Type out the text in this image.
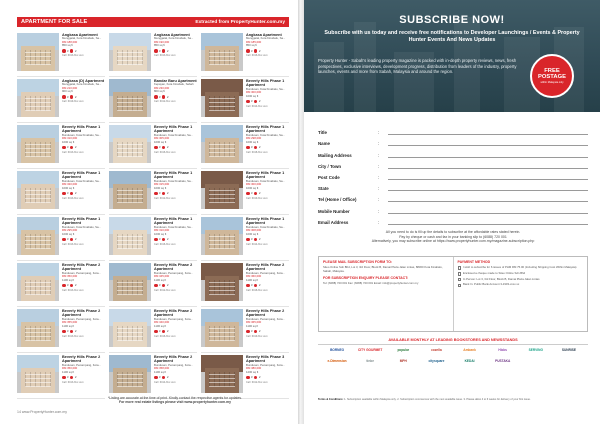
APARTMENT FOR SALE	Extracted from PropertyHunter.com.my
Angkasa Apartment
Menggatal, Kota Kinabalu, Sa...
RM 188,000
850 sq ft
3	2
Call: 6013-8xx xxxx
Angkasa Apartment
Menggatal, Kota Kinabalu, Sa...
RM 190,000
850 sq ft
3	2
Call: 6013-8xx xxxx
Angkasa Apartment
Menggatal, Kota Kinabalu, Sa...
RM 185,000
850 sq ft
3	2
Call: 6016-8xx xxxx
Angkasa (D) Apartment
Menggatal, Kota Kinabalu, Sa...
RM 210,000
900 sq ft
3	2
Call: 6019-8xx xxxx
Bandar Baru Apartment
Kepayan, Kota Kinabalu, Sabah
RM 230,000
800 sq ft
3	2
Call: 6012-8xx xxxx
Beverly Hills Phase 1 Apartment
Bundusan, Kota Kinabalu, Sa...
RM 300,000
1000 sq ft
3	2
Call: 6014-8xx xxxx
Beverly Hills Phase 1 Apartment
Bundusan, Kota Kinabalu, Sa...
RM 310,000
1000 sq ft
3	2
Call: 6013-8xx xxxx
Beverly Hills Phase 1 Apartment
Bundusan, Kota Kinabalu, Sa...
RM 305,000
1000 sq ft
3	2
Call: 6016-8xx xxxx
Beverly Hills Phase 1 Apartment
Bundusan, Kota Kinabalu, Sa...
RM 298,000
1000 sq ft
3	2
Call: 6018-8xx xxxx
Beverly Hills Phase 1 Apartment
Bundusan, Kota Kinabalu, Sa...
RM 320,000
1000 sq ft
3	2
Call: 6013-8xx xxxx
Beverly Hills Phase 1 Apartment
Bundusan, Kota Kinabalu, Sa...
RM 315,000
1000 sq ft
3	2
Call: 6012-8xx xxxx
Beverly Hills Phase 1 Apartment
Bundusan, Kota Kinabalu, Sa...
RM 300,000
1000 sq ft
3	2
Call: 6019-8xx xxxx
Beverly Hills Phase 1 Apartment
Bundusan, Kota Kinabalu, Sa...
RM 295,000
1000 sq ft
3	2
Call: 6013-8xx xxxx
Beverly Hills Phase 1 Apartment
Bundusan, Kota Kinabalu, Sa...
RM 310,000
1000 sq ft
3	2
Call: 6016-8xx xxxx
Beverly Hills Phase 1 Apartment
Bundusan, Kota Kinabalu, Sa...
RM 308,000
1000 sq ft
3	2
Call: 6014-8xx xxxx
Beverly Hills Phase 2 Apartment
Bundusan, Penampang, Kota...
RM 350,000
1100 sq ft
3	2
Call: 6013-8xx xxxx
Beverly Hills Phase 2 Apartment
Bundusan, Penampang, Kota...
RM 345,000
1100 sq ft
3	2
Call: 6012-8xx xxxx
Beverly Hills Phase 2 Apartment
Bundusan, Penampang, Kota...
RM 360,000
1100 sq ft
3	2
Call: 6018-8xx xxxx
Beverly Hills Phase 2 Apartment
Bundusan, Penampang, Kota...
RM 355,000
1100 sq ft
3	2
Call: 6013-8xx xxxx
Beverly Hills Phase 2 Apartment
Bundusan, Penampang, Kota...
RM 340,000
1100 sq ft
3	2
Call: 6016-8xx xxxx
Beverly Hills Phase 2 Apartment
Bundusan, Penampang, Kota...
RM 365,000
1100 sq ft
3	2
Call: 6019-8xx xxxx
Beverly Hills Phase 2 Apartment
Bundusan, Penampang, Kota...
RM 350,000
1100 sq ft
3	2
Call: 6013-8xx xxxx
Beverly Hills Phase 2 Apartment
Bundusan, Penampang, Kota...
RM 358,000
1100 sq ft
3	2
Call: 6014-8xx xxxx
Beverly Hills Phase 3 Apartment
Bundusan, Penampang, Kota...
RM 380,000
1200 sq ft
3	2
Call: 6012-8xx xxxx
*Listing are accurate at the time of print. Kindly contact the respective agents for updates.
For more real estate listings please visit www.propertyhunter.com.my
14 www.PropertyHunter.com.my
SUBSCRIBE NOW!
Subscribe with us today and receive free notifications to Developer Launchings / Events & Property Hunter Events And News Updates
Property Hunter - Sabah's leading property magazine is packed with in-depth property reviews, news, fresh perspectives, exclusive interviews, development progress, distribution from leaders of the industry, property launches, events and more from Sabah, Malaysia and around the region.	FREE
POSTAGE
within Malaysia only
Title	:
Name	:
Mailing Address	:
City / Town	:
Post Code	:
State	:
Tel (Home / Office)	:
Mobile Number	:
Email Address	:
All you need to do is fill up the details to subscribe at the affordable rates stated herein.
Pay by cheque or cash and fax in your banking slip to (6088) 720 001
Alternatively, you may subscribe online at https://www.propertyhunter.com.my/magazine-subscription.php
PLEASE MAIL SUBSCRIPTION FORM TO:
Siteo Online Sdn Bhd, Lot 3, 3rd Floor, Block B, Damai Plaza Jalan Lintas, 88300 Kota Kinabalu, Sabah, Malaysia.
FOR SUBSCRIPTION ENQUIRY PLEASE CONTACT:
Tel: (6088) 720 001 Fax: (6088) 720 001 Email: info@propertyhunter.com.my
PAYMENT METHOD
I wish to subscribe for 6 issues of PHM RM 75.00 (Including Shipping Cost Within Malaysia)
Enclosed a cheque made to Siteo Online Sdn Bhd
In Person: Lot 3, 3rd Floor, Block B, Damai Plaza Jalan Lintas
Bank In: Public Bank Account 3-1903-xxxx-xx
AVAILABLE MONTHLY AT LEADING BOOKSTORES AND NEWSSTANDS
BORNEO	CITY GOURMET	popular	cozella	Ambank	Hicks	SERVING	SUNRISE
e-Dimension	tinbe	MPH	citysquare	KEDAI	PUSTAKA
Terms & Conditions: 1. Subscription available within Malaysia only. 2. Subscription commences with the next available issue. 3. Please allow 4 to 6 weeks for delivery of your first issue.
